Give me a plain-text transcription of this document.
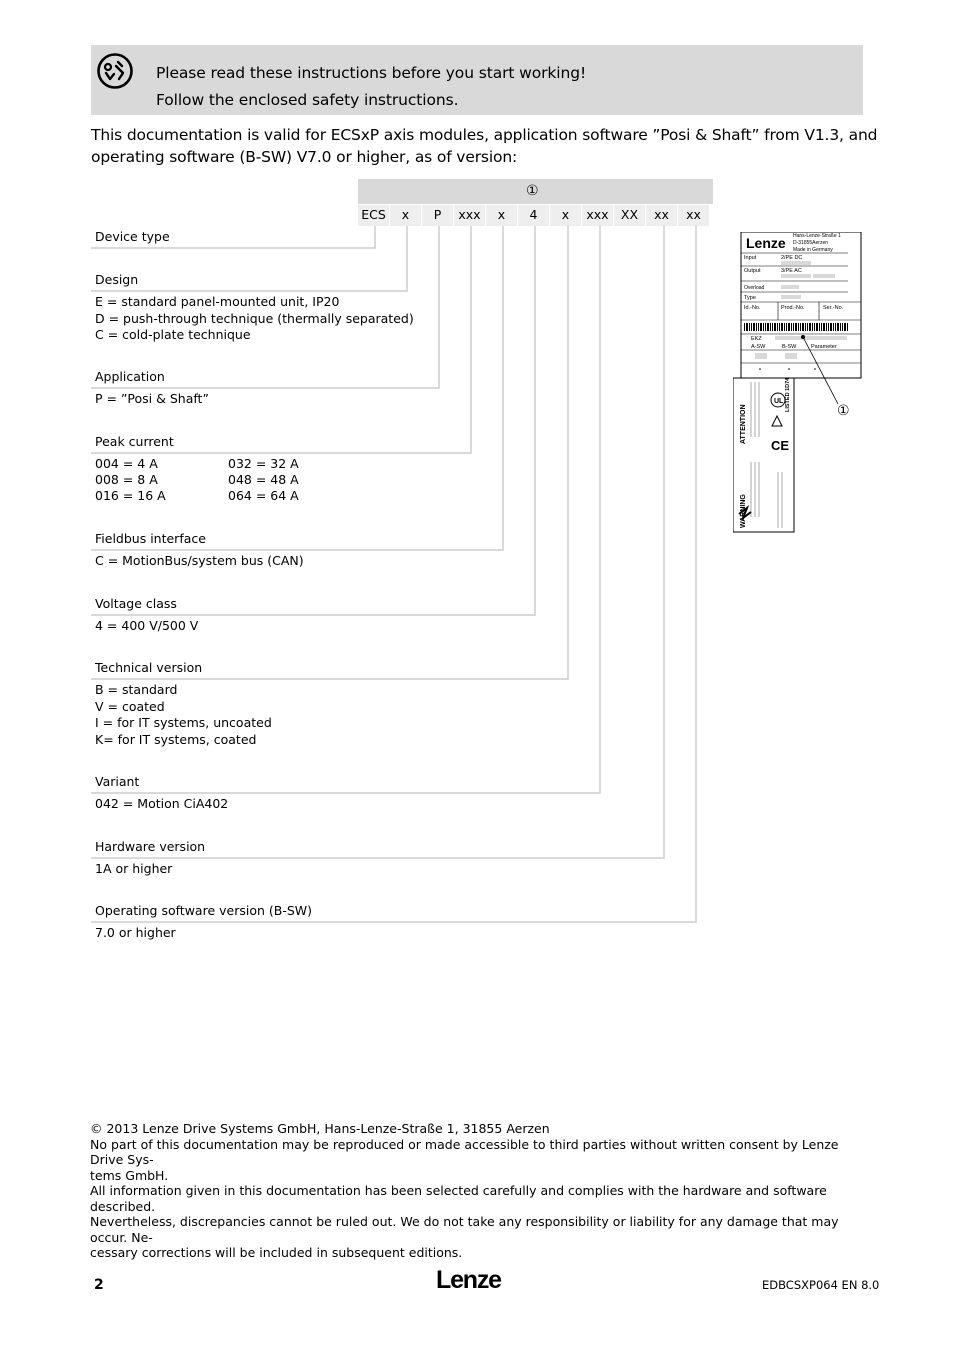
Please read these instructions before you start working!
Follow the enclosed safety instructions.
This documentation is valid for ECSxP axis modules, application software ”Posi & Shaft” from V1.3, and operating software (B-SW) V7.0 or higher, as of version:
①
ECS	x	P	xxx	x	4	x	xxx XX	xx	xx
Device type
Design
E = standard panel-mounted unit, IP20
D = push-through technique (thermally separated)
C = cold-plate technique
Application
P = ”Posi & Shaft”
Peak current
004 = 4 A
008 = 8 A
016 = 16 A
032 = 32 A
048 = 48 A
064 = 64 A
Fieldbus interface
C = MotionBus/system bus (CAN)
Voltage class
4 = 400 V/500 V
Technical version
B = standard
V = coated
I = for IT systems, uncoated
K= for IT systems, coated
Variant
042 = Motion CiA402
Hardware version
1A or higher
Operating software version (B-SW)
7.0 or higher
Lenze Hans-Lenze-Straße 1
D-31855Aerzen
Made in Germany
Input	2/PE DC
Output	3/PE AC
Overload
Type
Id.-No.	Prod.-No.	Ser.-No.
EKZ
A-SW	B-SW	Parameter
ATTENTION
WARNING
LISTED 1D74
UL
CE
①
© 2013 Lenze Drive Systems GmbH, Hans-Lenze-Straße 1, 31855 Aerzen
No part of this documentation may be reproduced or made accessible to third parties without written consent by Lenze Drive Sys-
tems GmbH.
All information given in this documentation has been selected carefully and complies with the hardware and software described.
Nevertheless, discrepancies cannot be ruled out. We do not take any responsibility or liability for any damage that may occur. Ne-
cessary corrections will be included in subsequent editions.
2	Lenze	EDBCSXP064 EN 8.0
